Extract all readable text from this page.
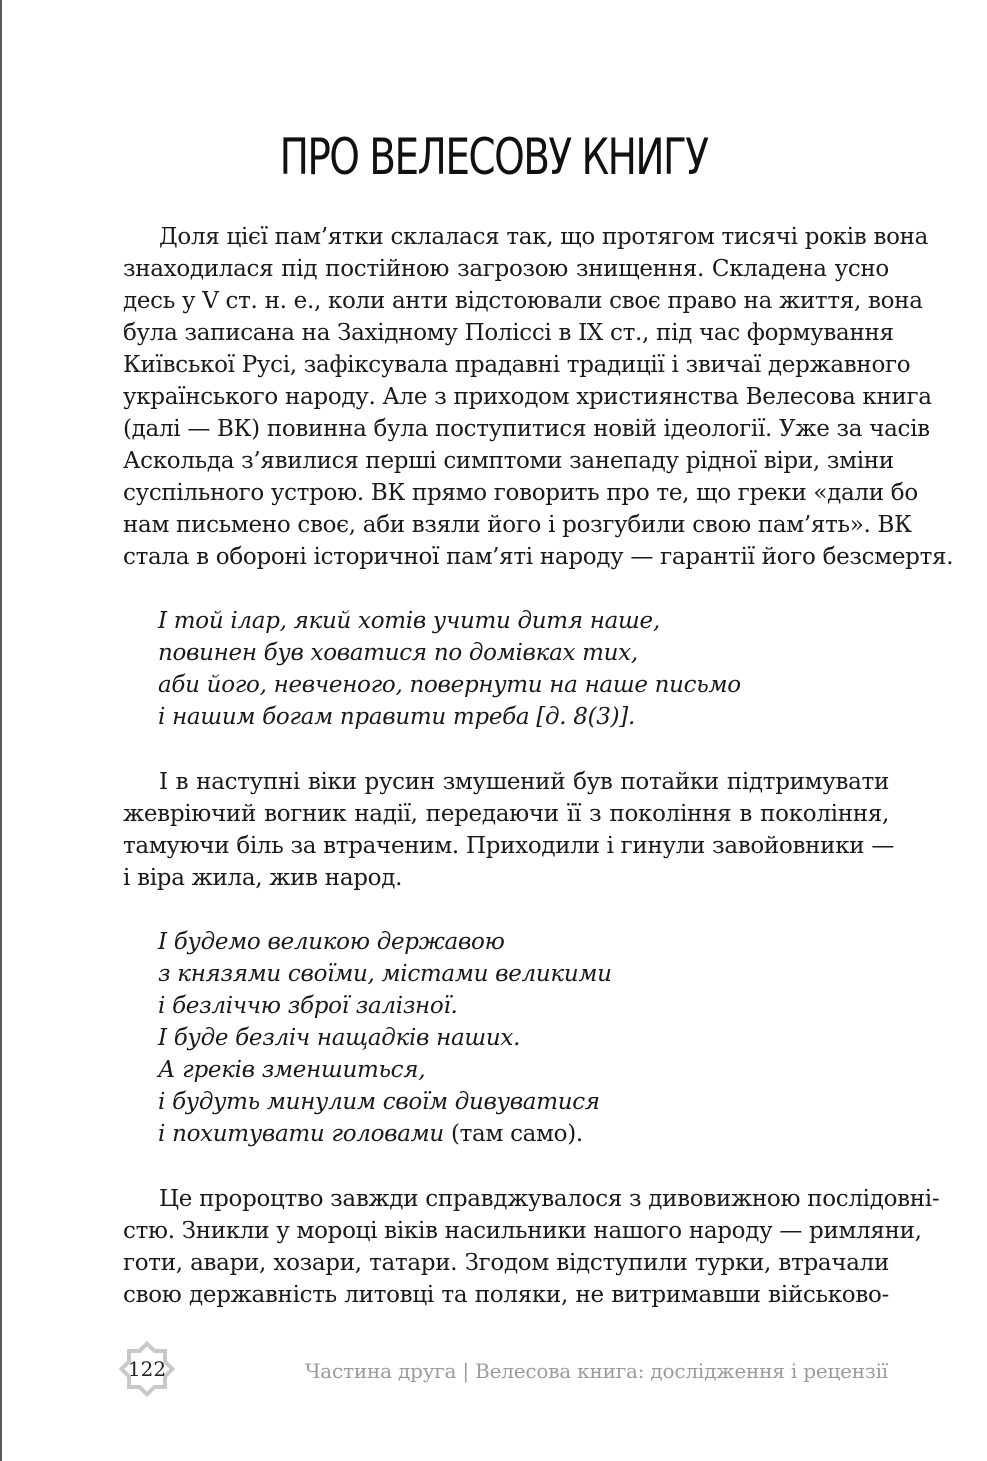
ПРО ВЕЛЕСОВУ КНИГУ
Доля цієї пам’ятки склалася так, що протягом тисячі років вона
знаходилася під постійною загрозою знищення. Складена усно
десь у V ст. н. е., коли анти відстоювали своє право на життя, вона
була записана на Західному Поліссі в IX ст., під час формування
Київської Русі, зафіксувала прадавні традиції і звичаї державного
українського народу. Але з приходом християнства Велесова книга
(далі — ВК) повинна була поступитися новій ідеології. Уже за часів
Аскольда з’явилися перші симптоми занепаду рідної віри, зміни
суспільного устрою. ВК прямо говорить про те, що греки «дали бо
нам письмено своє, аби взяли його і розгубили свою пам’ять». ВК
стала в обороні історичної пам’яті народу — гарантії його безсмертя.
І той ілар, який хотів учити дитя наше,
повинен був ховатися по домівках тих,
аби його, невченого, повернути на наше письмо
і нашим богам правити треба [д. 8(3)].
І в наступні віки русин змушений був потайки підтримувати
жевріючий вогник надії, передаючи її з покоління в покоління,
тамуючи біль за втраченим. Приходили і гинули завойовники —
і віра жила, жив народ.
І будемо великою державою
з князями своїми, містами великими
і безліччю зброї залізної.
І буде безліч нащадків наших.
А греків зменшиться,
і будуть минулим своїм дивуватися
і похитувати головами (там само).
Це пророцтво завжди справджувалося з дивовижною послідовні-
стю. Зникли у мороці віків насильники нашого народу — римляни,
готи, авари, хозари, татари. Згодом відступили турки, втрачали
свою державність литовці та поляки, не витримавши військово-
122	Частина друга | Велесова книга: дослідження і рецензії
